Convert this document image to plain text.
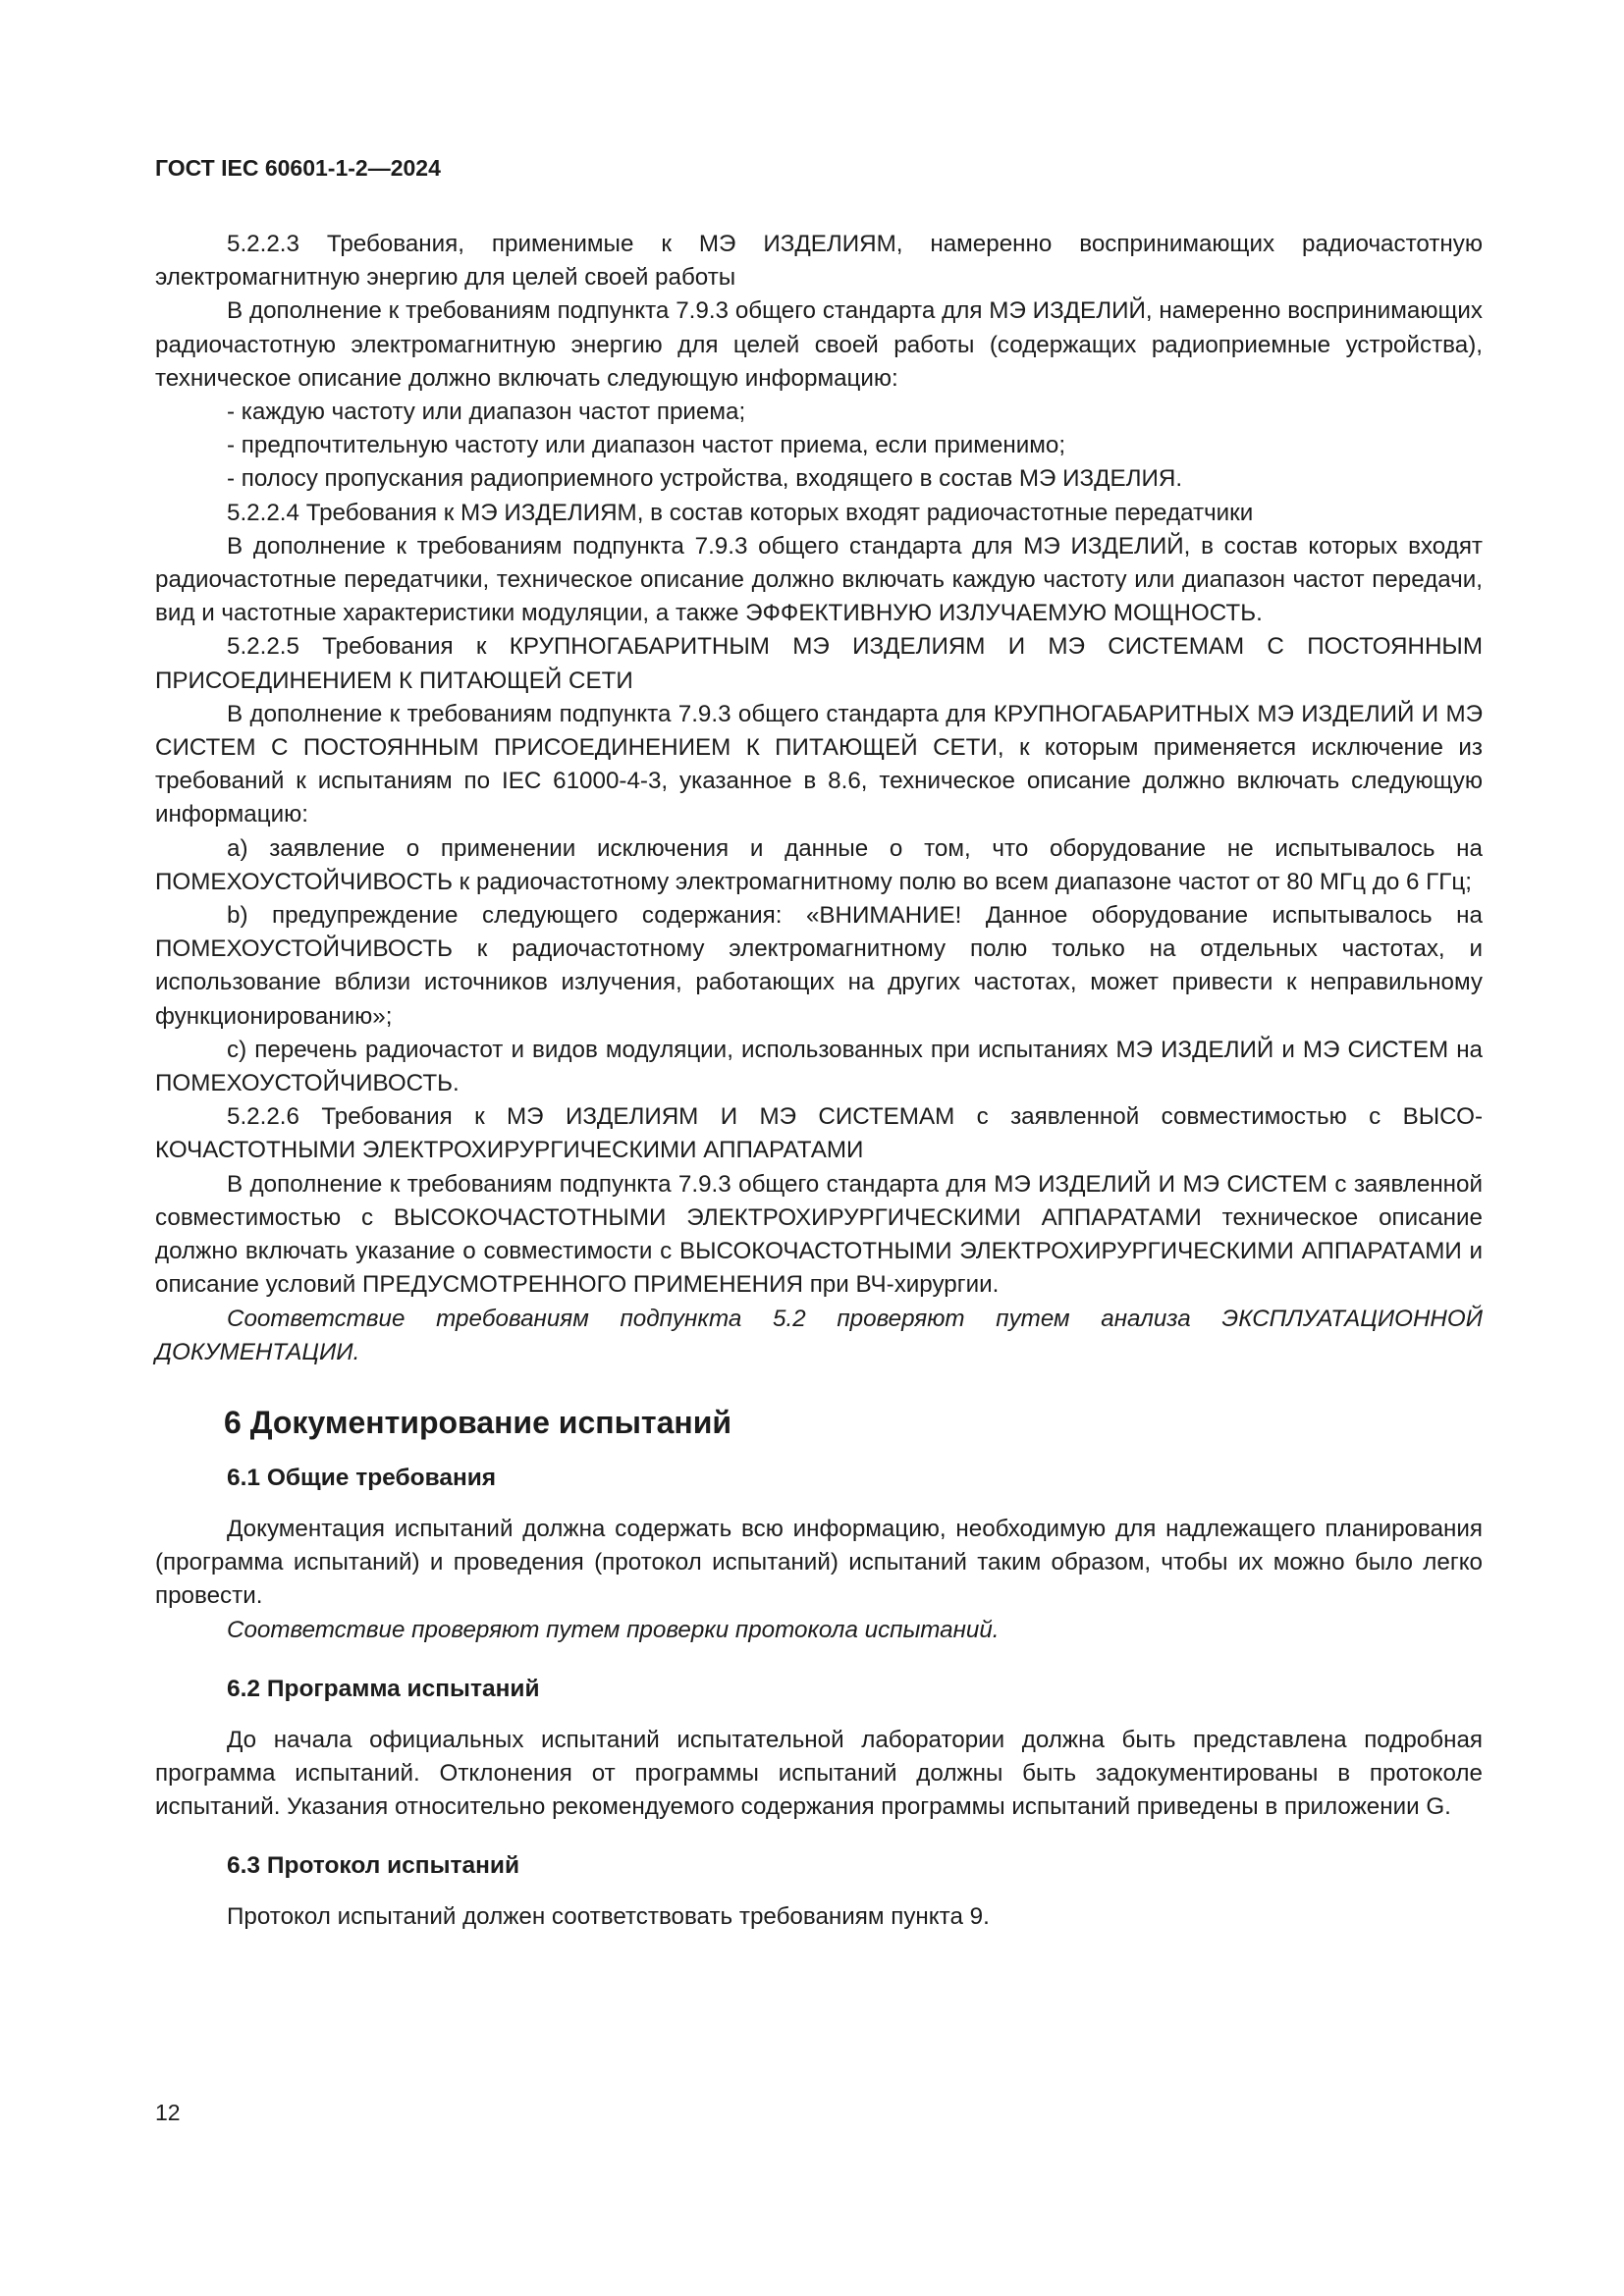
ГОСТ IEC 60601-1-2—2024

5.2.2.3 Требования, применимые к МЭ ИЗДЕЛИЯМ, намеренно воспринимающих радиочастотную электромагнитную энергию для целей своей работы

В дополнение к требованиям подпункта 7.9.3 общего стандарта для МЭ ИЗДЕЛИЙ, намеренно воспринимающих радиочастотную электромагнитную энергию для целей своей работы (содержащих радиоприемные устройства), техническое описание должно включать следующую информацию:

- каждую частоту или диапазон частот приема;

- предпочтительную частоту или диапазон частот приема, если применимо;

- полосу пропускания радиоприемного устройства, входящего в состав МЭ ИЗДЕЛИЯ.

5.2.2.4 Требования к МЭ ИЗДЕЛИЯМ, в состав которых входят радиочастотные передатчики

В дополнение к требованиям подпункта 7.9.3 общего стандарта для МЭ ИЗДЕЛИЙ, в состав которых входят радиочастотные передатчики, техническое описание должно включать каждую частоту или диапазон частот передачи, вид и частотные характеристики модуляции, а также ЭФФЕКТИВНУЮ ИЗЛУЧАЕМУЮ МОЩНОСТЬ.

5.2.2.5 Требования к КРУПНОГАБАРИТНЫМ МЭ ИЗДЕЛИЯМ И МЭ СИСТЕМАМ С ПОСТОЯННЫМ ПРИСОЕДИНЕНИЕМ К ПИТАЮЩЕЙ СЕТИ

В дополнение к требованиям подпункта 7.9.3 общего стандарта для КРУПНОГАБАРИТНЫХ МЭ ИЗДЕЛИЙ И МЭ СИСТЕМ С ПОСТОЯННЫМ ПРИСОЕДИНЕНИЕМ К ПИТАЮЩЕЙ СЕТИ, к которым применяется исключение из требований к испытаниям по IEC 61000-4-3, указанное в 8.6, техническое описание должно включать следующую информацию:

a) заявление о применении исключения и данные о том, что оборудование не испытывалось на ПОМЕХОУСТОЙЧИВОСТЬ к радиочастотному электромагнитному полю во всем диапазоне частот от 80 МГц до 6 ГГц;

b) предупреждение следующего содержания: «ВНИМАНИЕ! Данное оборудование испытывалось на ПОМЕХОУСТОЙЧИВОСТЬ к радиочастотному электромагнитному полю только на отдельных частотах, и использование вблизи источников излучения, работающих на других частотах, может привести к неправильному функционированию»;

c) перечень радиочастот и видов модуляции, использованных при испытаниях МЭ ИЗДЕЛИЙ и МЭ СИСТЕМ на ПОМЕХОУСТОЙЧИВОСТЬ.

5.2.2.6 Требования к МЭ ИЗДЕЛИЯМ И МЭ СИСТЕМАМ с заявленной совместимостью с ВЫСОКОЧАСТОТНЫМИ ЭЛЕКТРОХИРУРГИЧЕСКИМИ АППАРАТАМИ

В дополнение к требованиям подпункта 7.9.3 общего стандарта для МЭ ИЗДЕЛИЙ И МЭ СИСТЕМ с заявленной совместимостью с ВЫСОКОЧАСТОТНЫМИ ЭЛЕКТРОХИРУРГИЧЕСКИМИ АППАРАТАМИ техническое описание должно включать указание о совместимости с ВЫСОКОЧАСТОТНЫМИ ЭЛЕКТРОХИРУРГИЧЕСКИМИ АППАРАТАМИ и описание условий ПРЕДУСМОТРЕННОГО ПРИМЕНЕНИЯ при ВЧ-хирургии.

Соответствие требованиям подпункта 5.2 проверяют путем анализа ЭКСПЛУАТАЦИОННОЙ ДОКУМЕНТАЦИИ.

6 Документирование испытаний
6.1 Общие требования

Документация испытаний должна содержать всю информацию, необходимую для надлежащего планирования (программа испытаний) и проведения (протокол испытаний) испытаний таким образом, чтобы их можно было легко провести.

Соответствие проверяют путем проверки протокола испытаний.

6.2 Программа испытаний

До начала официальных испытаний испытательной лаборатории должна быть представлена подробная программа испытаний. Отклонения от программы испытаний должны быть задокументированы в протоколе испытаний. Указания относительно рекомендуемого содержания программы испытаний приведены в приложении G.

6.3 Протокол испытаний

Протокол испытаний должен соответствовать требованиям пункта 9.

12
